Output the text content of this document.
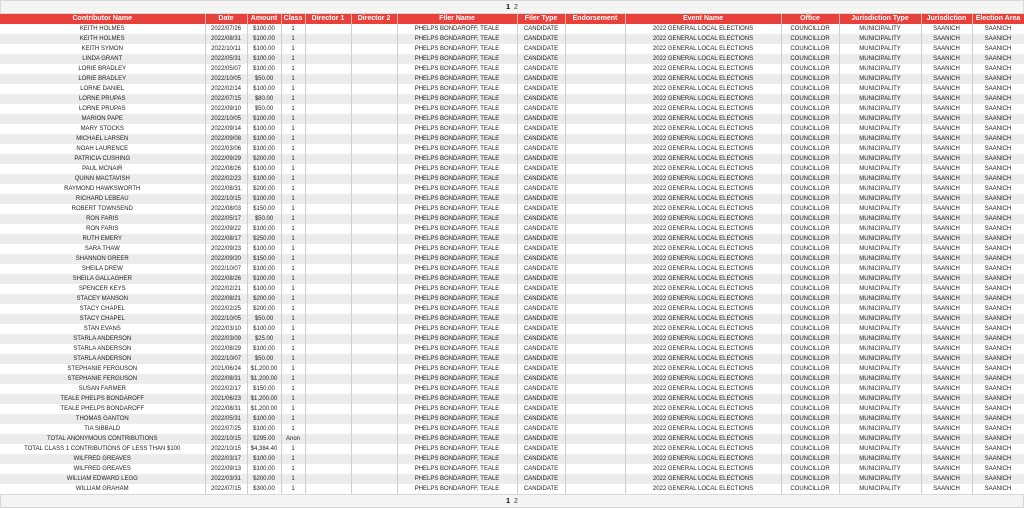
1 2
Contributor Name	Date	Amount	Class	Director 1	Director 2	Filer Name	Filer Type	Endorsement	Event Name	Office	Jurisdiction Type	Jurisdiction	Election Area
KEITH HOLMES	2022/07/26	$100.00	1			PHELPS BONDAROFF, TEALE	CANDIDATE		2022 GENERAL LOCAL ELECTIONS	COUNCILLOR	MUNICIPALITY	SAANICH	SAANICH
KEITH HOLMES	2022/08/31	$100.00	1			PHELPS BONDAROFF, TEALE	CANDIDATE		2022 GENERAL LOCAL ELECTIONS	COUNCILLOR	MUNICIPALITY	SAANICH	SAANICH
KEITH SYMON	2022/10/11	$100.00	1			PHELPS BONDAROFF, TEALE	CANDIDATE		2022 GENERAL LOCAL ELECTIONS	COUNCILLOR	MUNICIPALITY	SAANICH	SAANICH
LINDA GRANT	2022/05/31	$100.00	1			PHELPS BONDAROFF, TEALE	CANDIDATE		2022 GENERAL LOCAL ELECTIONS	COUNCILLOR	MUNICIPALITY	SAANICH	SAANICH
LORIE BRADLEY	2022/05/07	$100.00	1			PHELPS BONDAROFF, TEALE	CANDIDATE		2022 GENERAL LOCAL ELECTIONS	COUNCILLOR	MUNICIPALITY	SAANICH	SAANICH
LORIE BRADLEY	2022/10/05	$50.00	1			PHELPS BONDAROFF, TEALE	CANDIDATE		2022 GENERAL LOCAL ELECTIONS	COUNCILLOR	MUNICIPALITY	SAANICH	SAANICH
LORNE DANIEL	2022/02/14	$100.00	1			PHELPS BONDAROFF, TEALE	CANDIDATE		2022 GENERAL LOCAL ELECTIONS	COUNCILLOR	MUNICIPALITY	SAANICH	SAANICH
LORNE PRUPAS	2022/07/15	$80.00	1			PHELPS BONDAROFF, TEALE	CANDIDATE		2022 GENERAL LOCAL ELECTIONS	COUNCILLOR	MUNICIPALITY	SAANICH	SAANICH
LORNE PRUPAS	2022/09/10	$50.00	1			PHELPS BONDAROFF, TEALE	CANDIDATE		2022 GENERAL LOCAL ELECTIONS	COUNCILLOR	MUNICIPALITY	SAANICH	SAANICH
MARION PAPE	2022/10/05	$100.00	1			PHELPS BONDAROFF, TEALE	CANDIDATE		2022 GENERAL LOCAL ELECTIONS	COUNCILLOR	MUNICIPALITY	SAANICH	SAANICH
MARY STOCKS	2022/09/14	$100.00	1			PHELPS BONDAROFF, TEALE	CANDIDATE		2022 GENERAL LOCAL ELECTIONS	COUNCILLOR	MUNICIPALITY	SAANICH	SAANICH
MICHAEL LARSEN	2022/09/08	$100.00	1			PHELPS BONDAROFF, TEALE	CANDIDATE		2022 GENERAL LOCAL ELECTIONS	COUNCILLOR	MUNICIPALITY	SAANICH	SAANICH
NOAH LAURENCE	2022/03/06	$100.00	1			PHELPS BONDAROFF, TEALE	CANDIDATE		2022 GENERAL LOCAL ELECTIONS	COUNCILLOR	MUNICIPALITY	SAANICH	SAANICH
PATRICIA CUSHING	2022/09/29	$200.00	1			PHELPS BONDAROFF, TEALE	CANDIDATE		2022 GENERAL LOCAL ELECTIONS	COUNCILLOR	MUNICIPALITY	SAANICH	SAANICH
PAUL MCNAIR	2022/08/26	$100.00	1			PHELPS BONDAROFF, TEALE	CANDIDATE		2022 GENERAL LOCAL ELECTIONS	COUNCILLOR	MUNICIPALITY	SAANICH	SAANICH
QUINN MACTAVISH	2022/02/23	$100.00	1			PHELPS BONDAROFF, TEALE	CANDIDATE		2022 GENERAL LOCAL ELECTIONS	COUNCILLOR	MUNICIPALITY	SAANICH	SAANICH
RAYMOND HAWKSWORTH	2022/08/31	$200.00	1			PHELPS BONDAROFF, TEALE	CANDIDATE		2022 GENERAL LOCAL ELECTIONS	COUNCILLOR	MUNICIPALITY	SAANICH	SAANICH
RICHARD LEBEAU	2022/10/15	$100.00	1			PHELPS BONDAROFF, TEALE	CANDIDATE		2022 GENERAL LOCAL ELECTIONS	COUNCILLOR	MUNICIPALITY	SAANICH	SAANICH
ROBERT TOWNSEND	2022/08/03	$150.00	1			PHELPS BONDAROFF, TEALE	CANDIDATE		2022 GENERAL LOCAL ELECTIONS	COUNCILLOR	MUNICIPALITY	SAANICH	SAANICH
RON FARIS	2022/05/17	$50.00	1			PHELPS BONDAROFF, TEALE	CANDIDATE		2022 GENERAL LOCAL ELECTIONS	COUNCILLOR	MUNICIPALITY	SAANICH	SAANICH
RON FARIS	2022/09/22	$100.00	1			PHELPS BONDAROFF, TEALE	CANDIDATE		2022 GENERAL LOCAL ELECTIONS	COUNCILLOR	MUNICIPALITY	SAANICH	SAANICH
RUTH EMERY	2022/08/17	$250.00	1			PHELPS BONDAROFF, TEALE	CANDIDATE		2022 GENERAL LOCAL ELECTIONS	COUNCILLOR	MUNICIPALITY	SAANICH	SAANICH
SARA THAW	2022/09/23	$100.00	1			PHELPS BONDAROFF, TEALE	CANDIDATE		2022 GENERAL LOCAL ELECTIONS	COUNCILLOR	MUNICIPALITY	SAANICH	SAANICH
SHANNON GREER	2022/09/20	$150.00	1			PHELPS BONDAROFF, TEALE	CANDIDATE		2022 GENERAL LOCAL ELECTIONS	COUNCILLOR	MUNICIPALITY	SAANICH	SAANICH
SHEILA DREW	2022/10/07	$100.00	1			PHELPS BONDAROFF, TEALE	CANDIDATE		2022 GENERAL LOCAL ELECTIONS	COUNCILLOR	MUNICIPALITY	SAANICH	SAANICH
SHEILA GALLAGHER	2022/08/26	$100.00	1			PHELPS BONDAROFF, TEALE	CANDIDATE		2022 GENERAL LOCAL ELECTIONS	COUNCILLOR	MUNICIPALITY	SAANICH	SAANICH
SPENCER KEYS	2022/02/21	$100.00	1			PHELPS BONDAROFF, TEALE	CANDIDATE		2022 GENERAL LOCAL ELECTIONS	COUNCILLOR	MUNICIPALITY	SAANICH	SAANICH
STACEY MANSON	2022/08/21	$200.00	1			PHELPS BONDAROFF, TEALE	CANDIDATE		2022 GENERAL LOCAL ELECTIONS	COUNCILLOR	MUNICIPALITY	SAANICH	SAANICH
STACY CHAPEL	2022/02/25	$200.00	1			PHELPS BONDAROFF, TEALE	CANDIDATE		2022 GENERAL LOCAL ELECTIONS	COUNCILLOR	MUNICIPALITY	SAANICH	SAANICH
STACY CHAPEL	2022/10/05	$50.00	1			PHELPS BONDAROFF, TEALE	CANDIDATE		2022 GENERAL LOCAL ELECTIONS	COUNCILLOR	MUNICIPALITY	SAANICH	SAANICH
STAN EVANS	2022/03/10	$100.00	1			PHELPS BONDAROFF, TEALE	CANDIDATE		2022 GENERAL LOCAL ELECTIONS	COUNCILLOR	MUNICIPALITY	SAANICH	SAANICH
STARLA ANDERSON	2022/03/09	$25.00	1			PHELPS BONDAROFF, TEALE	CANDIDATE		2022 GENERAL LOCAL ELECTIONS	COUNCILLOR	MUNICIPALITY	SAANICH	SAANICH
STARLA ANDERSON	2022/08/29	$100.00	1			PHELPS BONDAROFF, TEALE	CANDIDATE		2022 GENERAL LOCAL ELECTIONS	COUNCILLOR	MUNICIPALITY	SAANICH	SAANICH
STARLA ANDERSON	2022/10/07	$50.00	1			PHELPS BONDAROFF, TEALE	CANDIDATE		2022 GENERAL LOCAL ELECTIONS	COUNCILLOR	MUNICIPALITY	SAANICH	SAANICH
STEPHANIE FERGUSON	2021/06/24	$1,200.00	1			PHELPS BONDAROFF, TEALE	CANDIDATE		2022 GENERAL LOCAL ELECTIONS	COUNCILLOR	MUNICIPALITY	SAANICH	SAANICH
STEPHANIE FERGUSON	2022/08/31	$1,200.00	1			PHELPS BONDAROFF, TEALE	CANDIDATE		2022 GENERAL LOCAL ELECTIONS	COUNCILLOR	MUNICIPALITY	SAANICH	SAANICH
SUSAN FARMER	2022/02/17	$150.00	1			PHELPS BONDAROFF, TEALE	CANDIDATE		2022 GENERAL LOCAL ELECTIONS	COUNCILLOR	MUNICIPALITY	SAANICH	SAANICH
TEALE PHELPS BONDAROFF	2021/06/23	$1,200.00	1			PHELPS BONDAROFF, TEALE	CANDIDATE		2022 GENERAL LOCAL ELECTIONS	COUNCILLOR	MUNICIPALITY	SAANICH	SAANICH
TEALE PHELPS BONDAROFF	2022/08/31	$1,200.00	1			PHELPS BONDAROFF, TEALE	CANDIDATE		2022 GENERAL LOCAL ELECTIONS	COUNCILLOR	MUNICIPALITY	SAANICH	SAANICH
THOMAS GANTON	2022/05/31	$100.00	1			PHELPS BONDAROFF, TEALE	CANDIDATE		2022 GENERAL LOCAL ELECTIONS	COUNCILLOR	MUNICIPALITY	SAANICH	SAANICH
TIA SIBBALD	2022/07/25	$100.00	1			PHELPS BONDAROFF, TEALE	CANDIDATE		2022 GENERAL LOCAL ELECTIONS	COUNCILLOR	MUNICIPALITY	SAANICH	SAANICH
TOTAL ANONYMOUS CONTRIBUTIONS	2022/10/15	$295.00	Anon			PHELPS BONDAROFF, TEALE	CANDIDATE		2022 GENERAL LOCAL ELECTIONS	COUNCILLOR	MUNICIPALITY	SAANICH	SAANICH
TOTAL CLASS 1 CONTRIBUTIONS OF LESS THAN $100	2022/10/15	$4,384.40	1			PHELPS BONDAROFF, TEALE	CANDIDATE		2022 GENERAL LOCAL ELECTIONS	COUNCILLOR	MUNICIPALITY	SAANICH	SAANICH
WILFRED GREAVES	2022/03/17	$100.00	1			PHELPS BONDAROFF, TEALE	CANDIDATE		2022 GENERAL LOCAL ELECTIONS	COUNCILLOR	MUNICIPALITY	SAANICH	SAANICH
WILFRED GREAVES	2022/09/13	$100.00	1			PHELPS BONDAROFF, TEALE	CANDIDATE		2022 GENERAL LOCAL ELECTIONS	COUNCILLOR	MUNICIPALITY	SAANICH	SAANICH
WILLIAM EDWARD LEGG	2022/03/31	$200.00	1			PHELPS BONDAROFF, TEALE	CANDIDATE		2022 GENERAL LOCAL ELECTIONS	COUNCILLOR	MUNICIPALITY	SAANICH	SAANICH
WILLIAM GRAHAM	2022/07/15	$300.00	1			PHELPS BONDAROFF, TEALE	CANDIDATE		2022 GENERAL LOCAL ELECTIONS	COUNCILLOR	MUNICIPALITY	SAANICH	SAANICH
1 2
